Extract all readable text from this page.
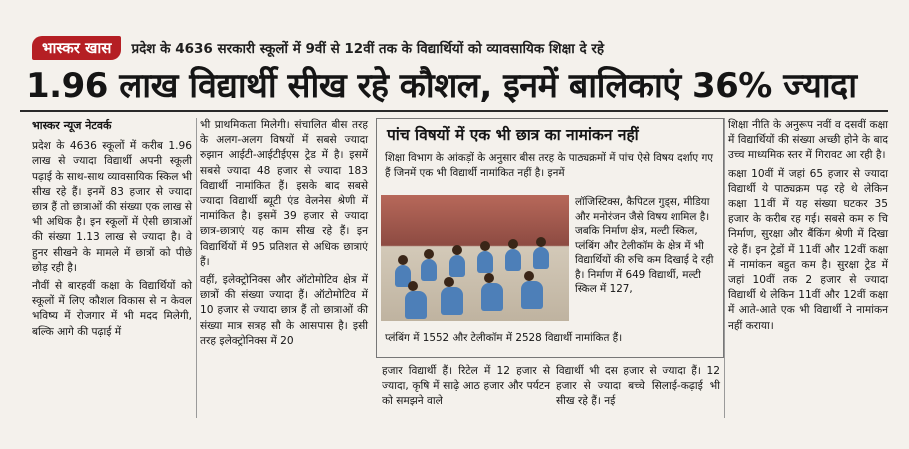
भास्कर खास	प्रदेश के 4636 सरकारी स्कूलों में 9वीं से 12वीं तक के विद्यार्थियों को व्यावसायिक शिक्षा दे रहे
1.96 लाख विद्यार्थी सीख रहे कौशल, इनमें बालिकाएं 36% ज्यादा
भास्कर न्यूज नेटवर्क

प्रदेश के 4636 स्कूलों में करीब 1.96 लाख से ज्यादा विद्यार्थी अपनी स्कूली पढ़ाई के साथ-साथ व्यावसायिक स्किल भी सीख रहे हैं। इनमें 83 हजार से ज्यादा छात्र हैं तो छात्राओं की संख्या एक लाख से भी अधिक है। इन स्कूलों में ऐसी छात्राओं की संख्या 1.13 लाख से ज्यादा है। वे हुनर सीखने के मामले में छात्रों को पीछे छोड़ रही है।

नौवीं से बारहवीं कक्षा के विद्यार्थियों को स्कूलों में लिए कौशल विकास से न केवल भविष्य में रोजगार में भी मदद मिलेगी, बल्कि आगे की पढ़ाई में

भी प्राथमिकता मिलेगी। संचालित बीस तरह के अलग-अलग विषयों में सबसे ज्यादा रुझान आईटी-आईटीईएस ट्रेड में है। इसमें सबसे ज्यादा 48 हजार से ज्यादा 183 विद्यार्थी नामांकित हैं। इसके बाद सबसे ज्यादा विद्यार्थी ब्यूटी एंड वेलनेस श्रेणी में नामांकित है। इसमें 39 हजार से ज्यादा छात्र-छात्राएं यह काम सीख रहे हैं। इन विद्यार्थियों में 95 प्रतिशत से अधिक छात्राएं हैं।

वहीं, इलेक्ट्रोनिक्स और ऑटोमोटिव क्षेत्र में छात्रों की संख्या ज्यादा हैं। ऑटोमोटिव में 10 हजार से ज्यादा छात्र हैं तो छात्राओं की संख्या मात्र सत्रह सौ के आसपास है। इसी तरह इलेक्ट्रोनिक्स में 20

पांच विषयों में एक भी छात्र का नामांकन नहीं
शिक्षा विभाग के आंकड़ों के अनुसार बीस तरह के पाठ्यक्रमों में पांच ऐसे विषय दर्शाए गए हैं जिनमें एक भी विद्यार्थी नामांकित नहीं है। इनमें
लॉजिस्टिक्स, कैपिटल गुड्स, मीडिया और मनोरंजन जैसे विषय शामिल है। जबकि निर्माण क्षेत्र, मल्टी स्किल, प्लंबिंग और टेलीकॉम के क्षेत्र में भी विद्यार्थियों की रुचि कम दिखाई दे रही है। निर्माण में 649 विद्यार्थी, मल्टी स्किल में 127,
प्लंबिंग में 1552 और टेलीकॉम में 2528 विद्यार्थी नामांकित हैं।
हजार विद्यार्थी हैं। रिटेल में 12 हजार से ज्यादा, कृषि में साढ़े आठ हजार और पर्यटन को समझने वाले
विद्यार्थी भी दस हजार से ज्यादा हैं। 12 हजार से ज्यादा बच्चे सिलाई-कढ़ाई भी सीख रहे हैं। नई

शिक्षा नीति के अनुरूप नवीं व दसवीं कक्षा में विद्यार्थियों की संख्या अच्छी होने के बाद उच्च माध्यमिक स्तर में गिरावट आ रही है।

कक्षा 10वीं में जहां 65 हजार से ज्यादा विद्यार्थी ये पाठ्यक्रम पढ़ रहे थे लेकिन कक्षा 11वीं में यह संख्या घटकर 35 हजार के करीब रह गई। सबसे कम रु चि निर्माण, सुरक्षा और बैंकिंग श्रेणी में दिखा रहे हैं। इन ट्रेडों में 11वीं और 12वीं कक्षा में नामांकन बहुत कम है। सुरक्षा ट्रेड में जहां 10वीं तक 2 हजार से ज्यादा विद्यार्थी थे लेकिन 11वीं और 12वीं कक्षा में आते-आते एक भी विद्यार्थी ने नामांकन नहीं कराया।
